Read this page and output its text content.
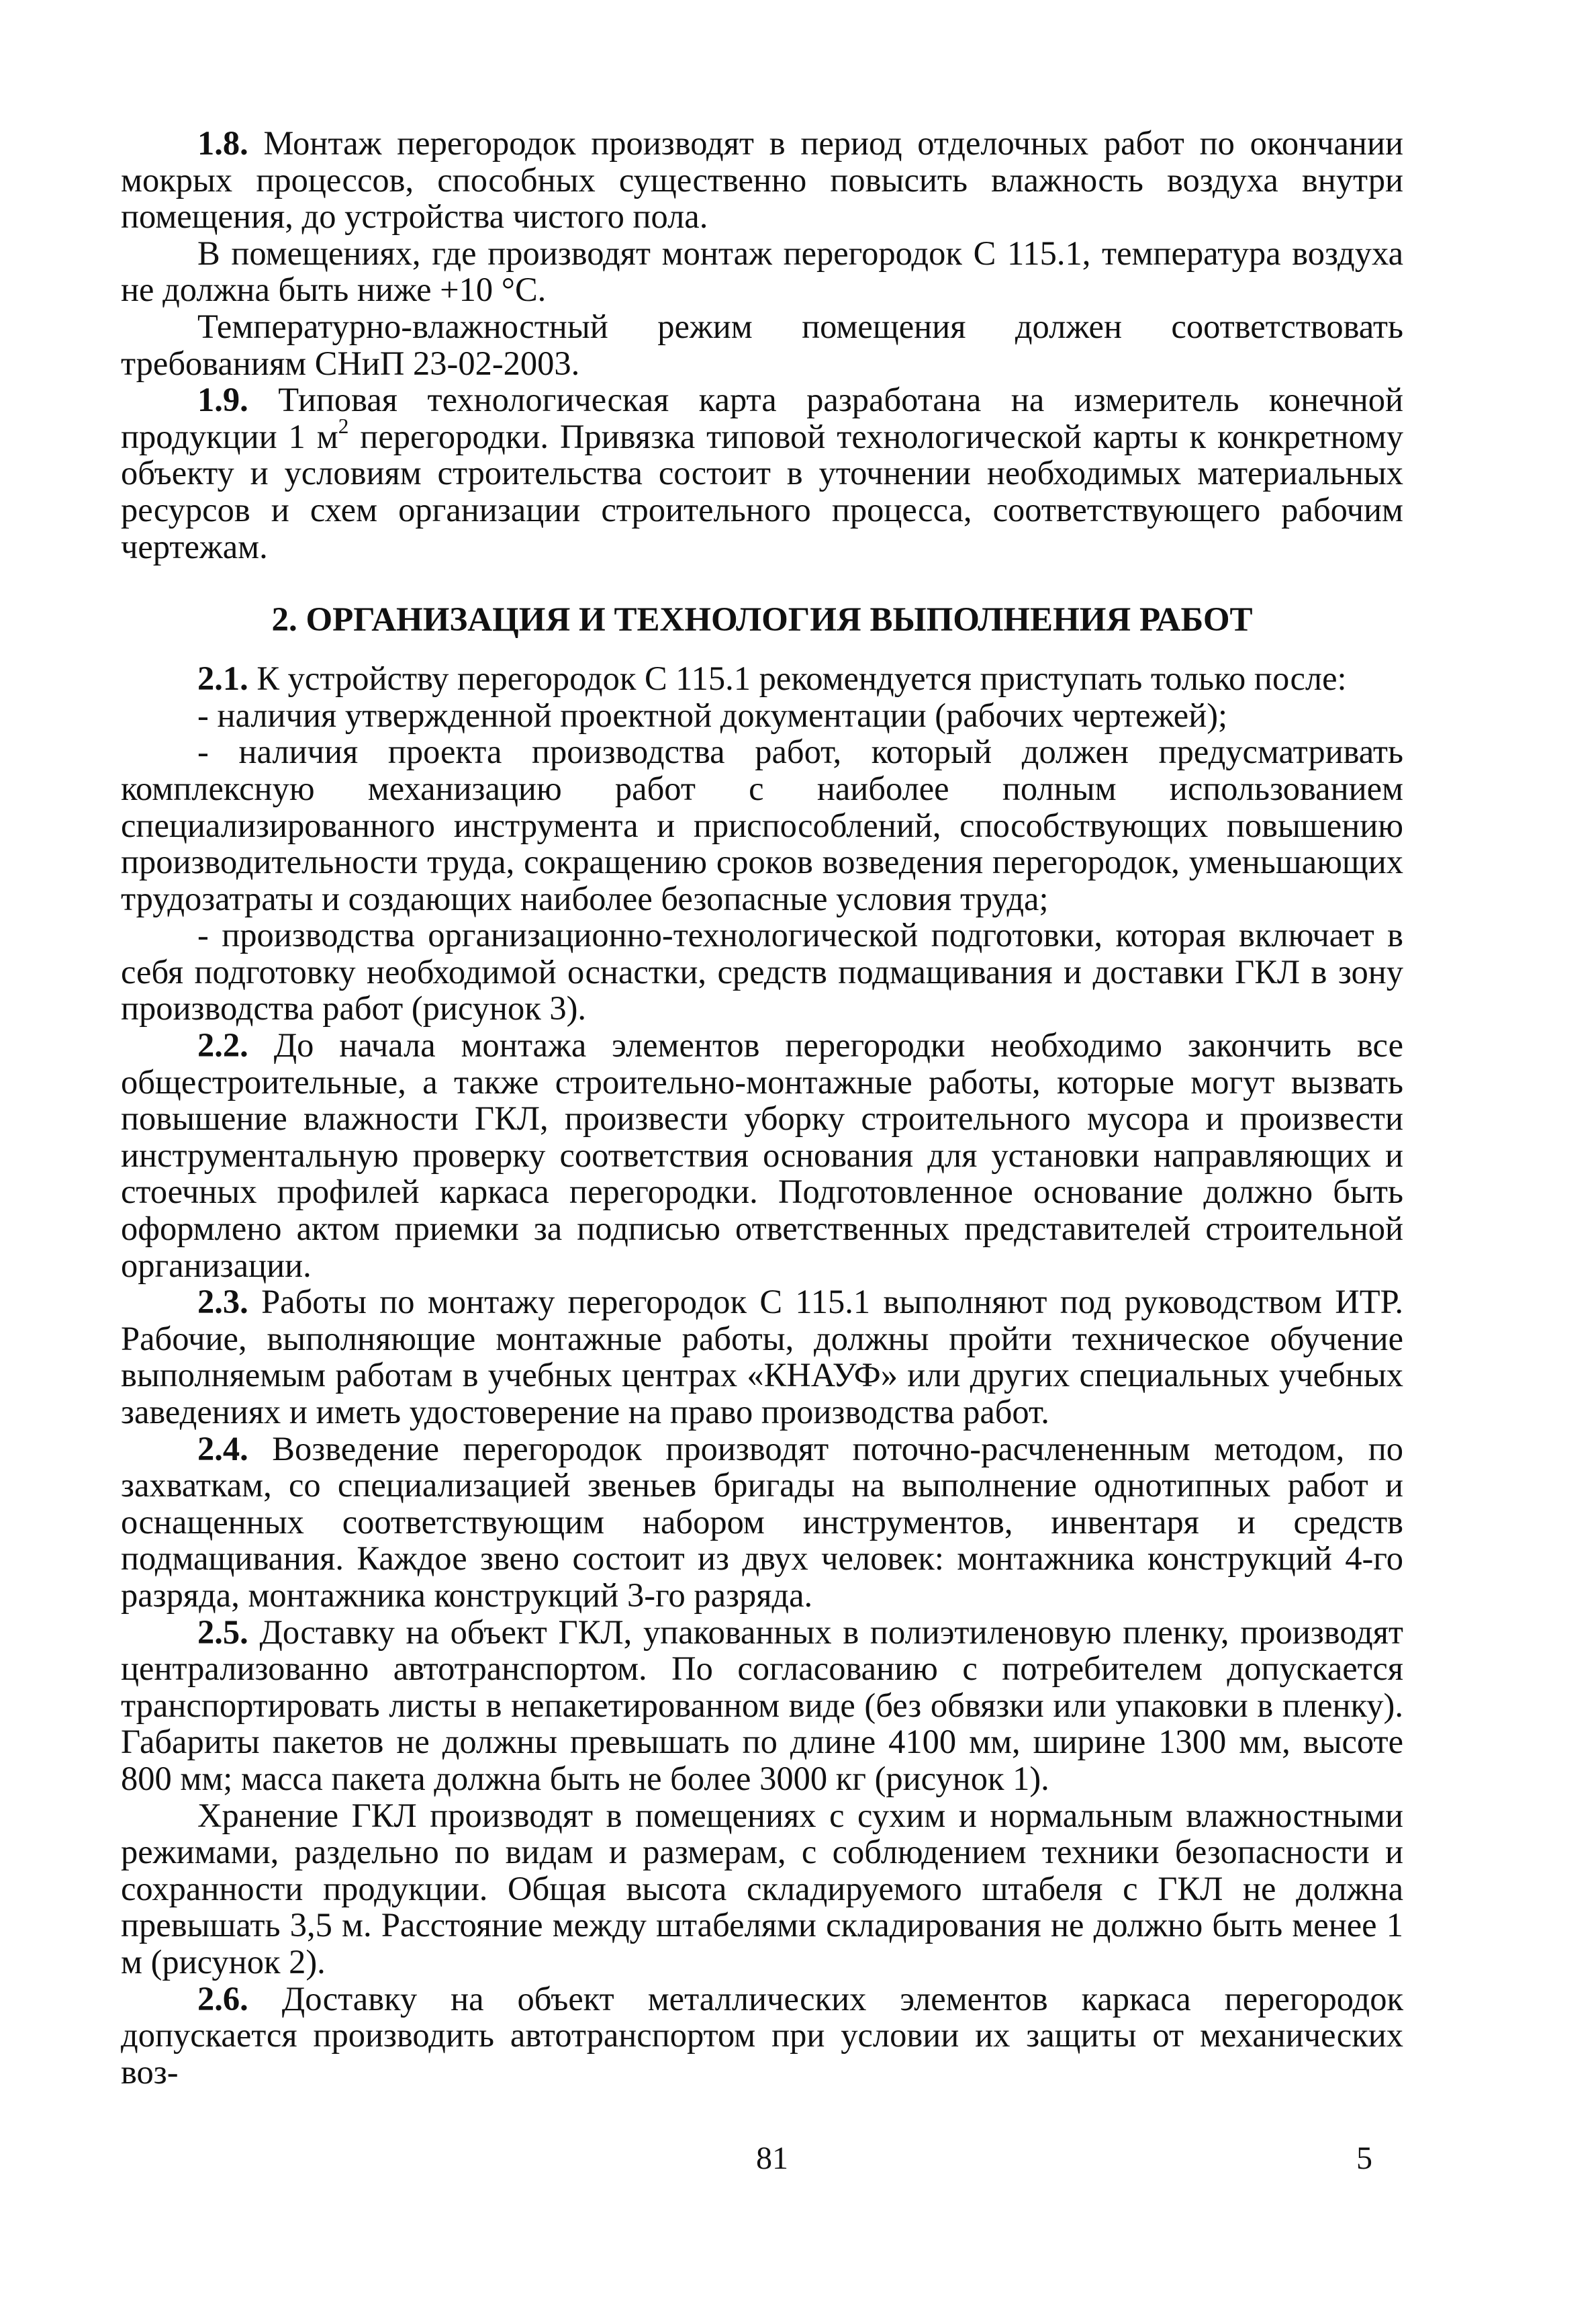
1.8. Монтаж перегородок производят в период отделочных работ по окончании мокрых процессов, способных существенно повысить влажность воздуха внутри помещения, до устройства чистого пола.

В помещениях, где производят монтаж перегородок С 115.1, температура воздуха не должна быть ниже +10 °С.

Температурно-влажностный режим помещения должен соответствовать требованиям СНиП 23-02-2003.

1.9. Типовая технологическая карта разработана на измеритель конечной продукции 1 $м^2$ перегородки. Привязка типовой технологической карты к конкретному объекту и условиям строительства состоит в уточнении необходимых материальных ресурсов и схем организации строительного процесса, соответствующего рабочим чертежам.

2. ОРГАНИЗАЦИЯ И ТЕХНОЛОГИЯ ВЫПОЛНЕНИЯ РАБОТ

2.1. К устройству перегородок С 115.1 рекомендуется приступать только после:

- наличия утвержденной проектной документации (рабочих чертежей);

- наличия проекта производства работ, который должен предусматривать комплексную механизацию работ с наиболее полным использованием специализированного инструмента и приспособлений, способствующих повышению производительности труда, сокращению сроков возведения перегородок, уменьшающих трудозатраты и создающих наиболее безопасные условия труда;

- производства организационно-технологической подготовки, которая включает в себя подготовку необходимой оснастки, средств подмащивания и доставки ГКЛ в зону производства работ (рисунок 3).

2.2. До начала монтажа элементов перегородки необходимо закончить все общестроительные, а также строительно-монтажные работы, которые могут вызвать повышение влажности ГКЛ, произвести уборку строительного мусора и произвести инструментальную проверку соответствия основания для установки направляющих и стоечных профилей каркаса перегородки. Подготовленное основание должно быть оформлено актом приемки за подписью ответственных представителей строительной организации.

2.3. Работы по монтажу перегородок С 115.1 выполняют под руководством ИТР. Рабочие, выполняющие монтажные работы, должны пройти техническое обучение выполняемым работам в учебных центрах «КНАУФ» или других специальных учебных заведениях и иметь удостоверение на право производства работ.

2.4. Возведение перегородок производят поточно-расчлененным методом, по захваткам, со специализацией звеньев бригады на выполнение однотипных работ и оснащенных соответствующим набором инструментов, инвентаря и средств подмащивания. Каждое звено состоит из двух человек: монтажника конструкций 4-го разряда, монтажника конструкций 3-го разряда.

2.5. Доставку на объект ГКЛ, упакованных в полиэтиленовую пленку, производят централизованно автотранспортом. По согласованию с потребителем допускается транспортировать листы в непакетированном виде (без обвязки или упаковки в пленку). Габариты пакетов не должны превышать по длине 4100 мм, ширине 1300 мм, высоте 800 мм; масса пакета должна быть не более 3000 кг (рисунок 1).

Хранение ГКЛ производят в помещениях с сухим и нормальным влажностными режимами, раздельно по видам и размерам, с соблюдением техники безопасности и сохранности продукции. Общая высота складируемого штабеля с ГКЛ не должна превышать 3,5 м. Расстояние между штабелями складирования не должно быть менее 1 м (рисунок 2).

2.6. Доставку на объект металлических элементов каркаса перегородок допускается производить автотранспортом при условии их защиты от механических воз-

81	5
